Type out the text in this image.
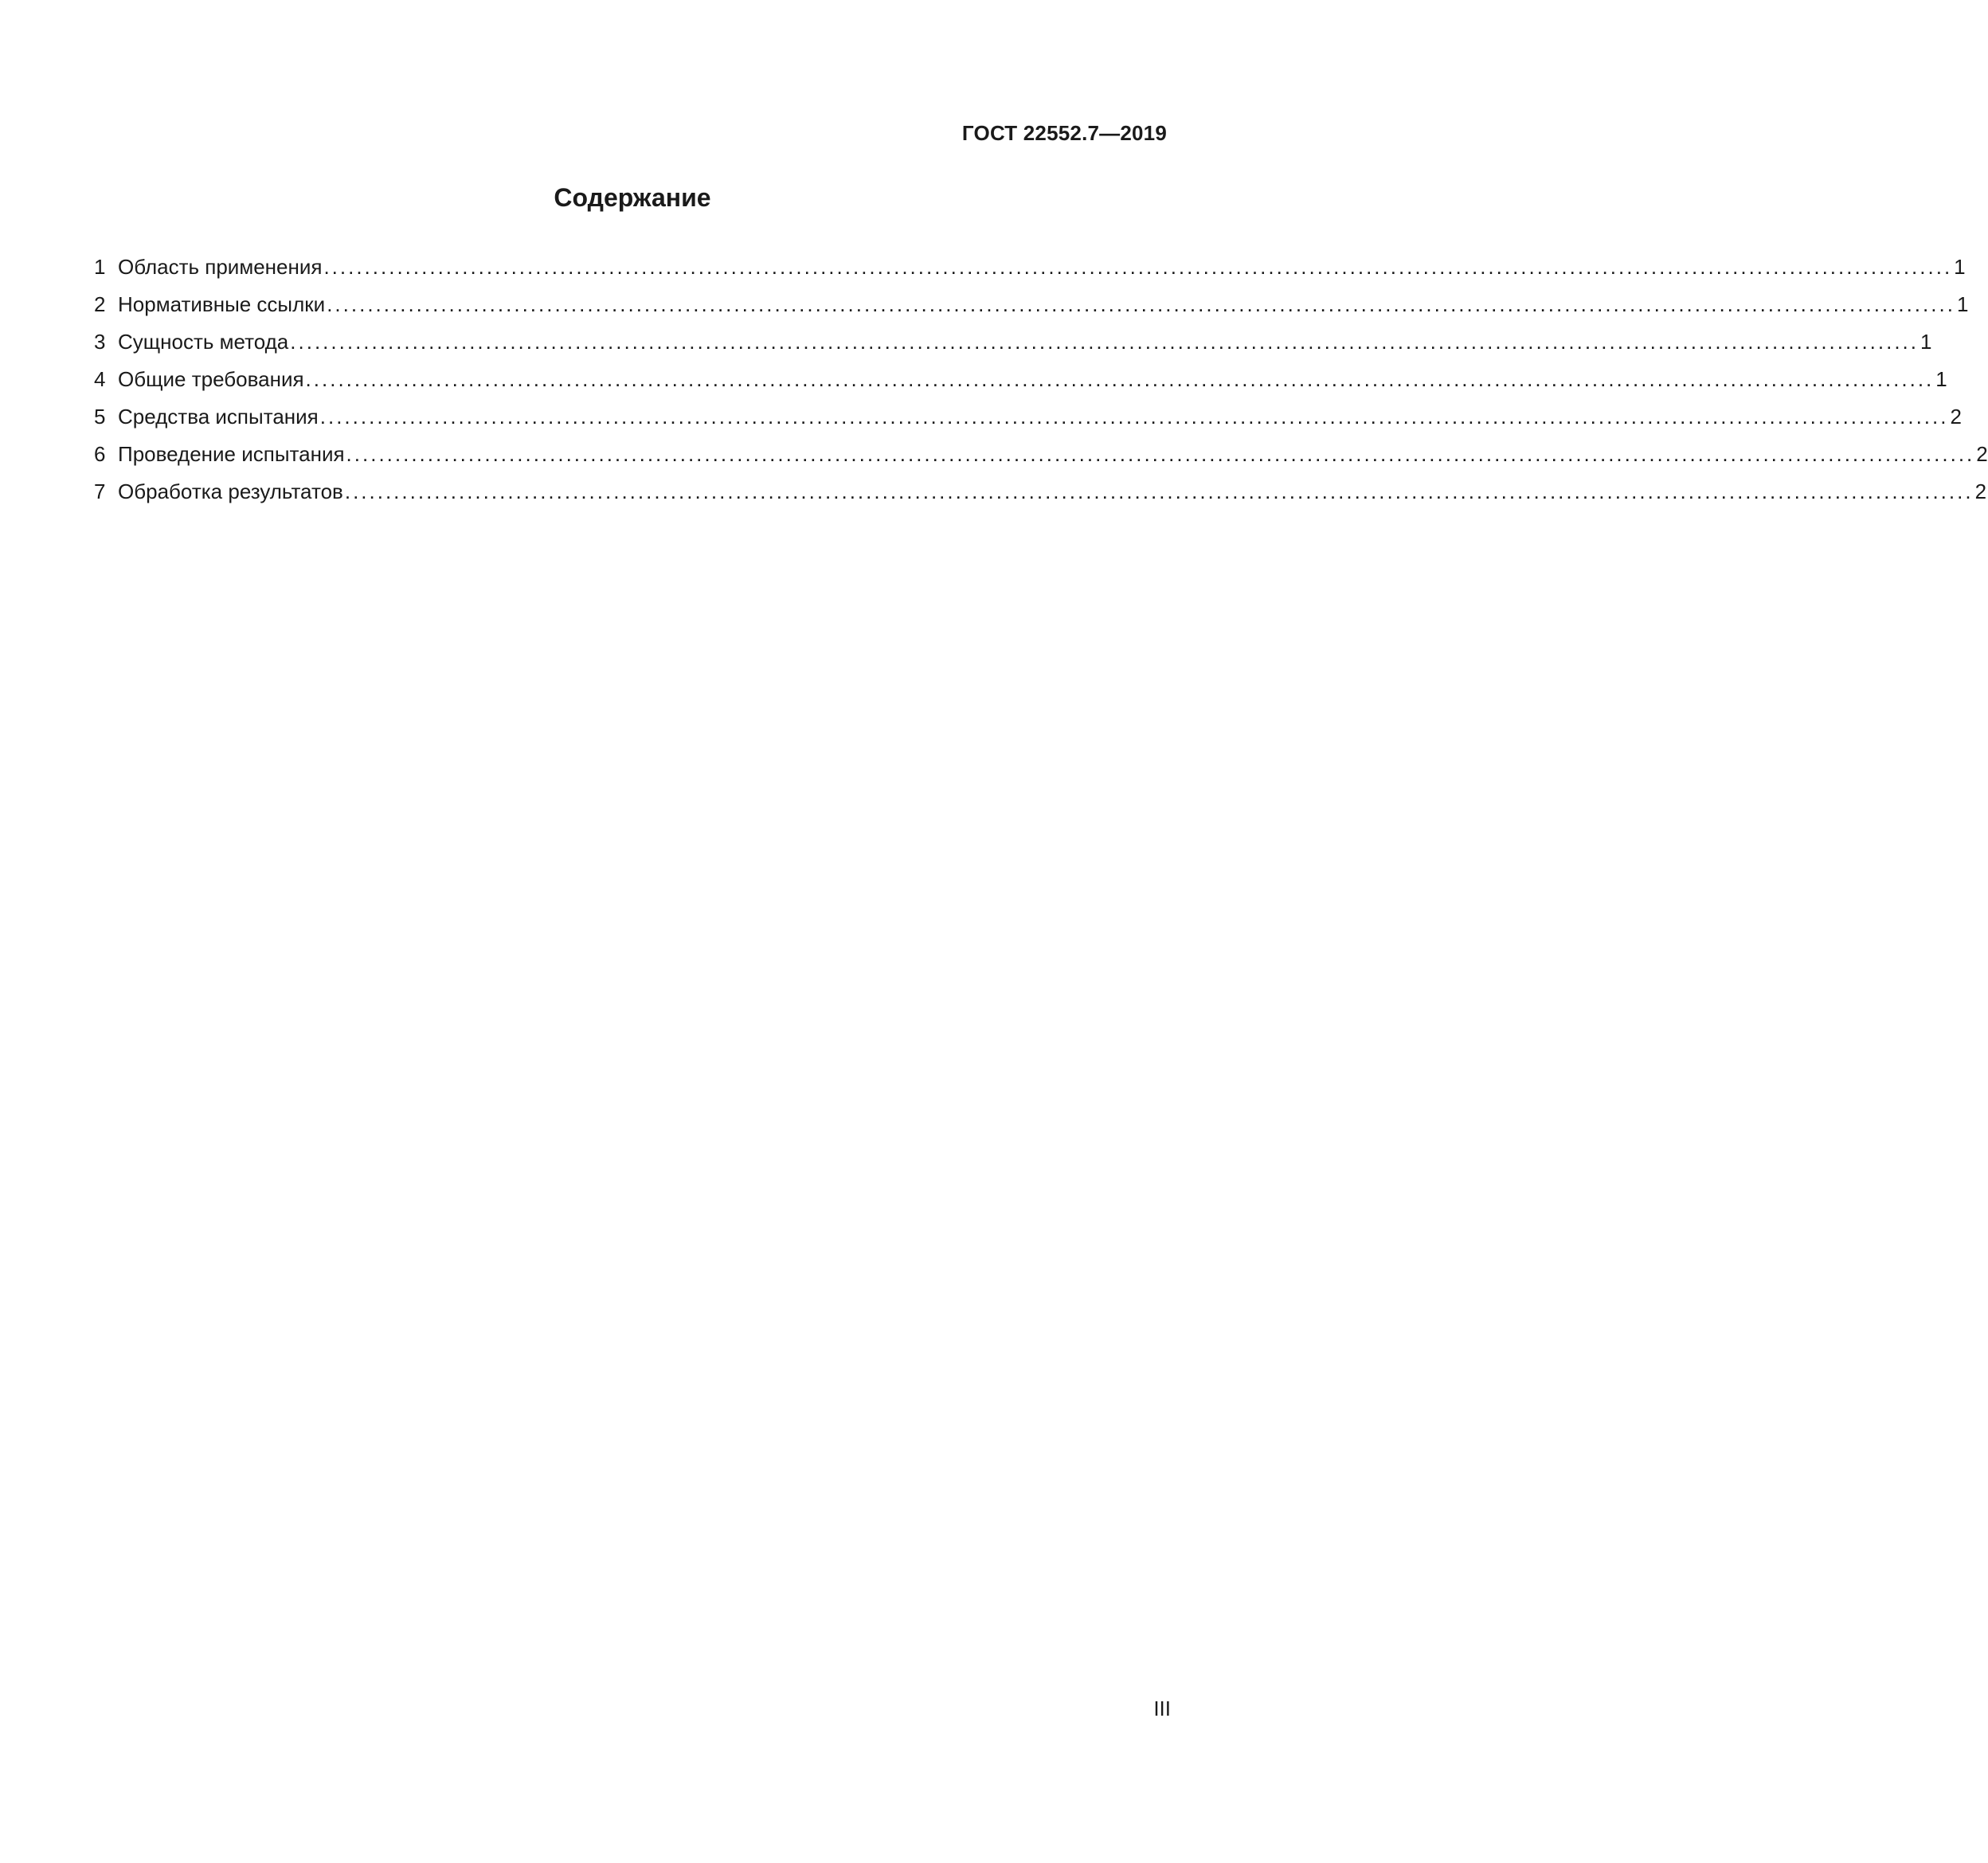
ГОСТ 22552.7—2019
Содержание
1 Область применения ........................................................................................................................................................................................................ 1
2 Нормативные ссылки ........................................................................................................................................................................................................ 1
3 Сущность метода ........................................................................................................................................................................................................ 1
4 Общие требования ........................................................................................................................................................................................................ 1
5 Средства испытания ........................................................................................................................................................................................................ 2
6 Проведение испытания ........................................................................................................................................................................................................ 2
7 Обработка результатов ........................................................................................................................................................................................................ 2
III
